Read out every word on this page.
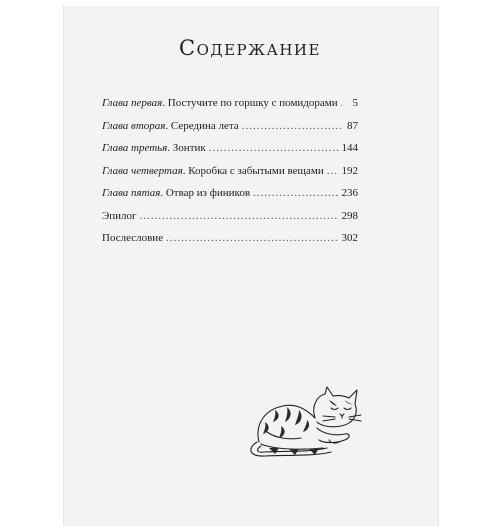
Содержание
Глава первая. Постучите по горшку с помидорами .....	5
Глава вторая. Середина лета .....	87
Глава третья. Зонтик .....	144
Глава четвертая. Коробка с забытыми вещами ..... 192
Глава пятая. Отвар из фиников .....	236
Эпилог .....	298
Послесловие .....	302
